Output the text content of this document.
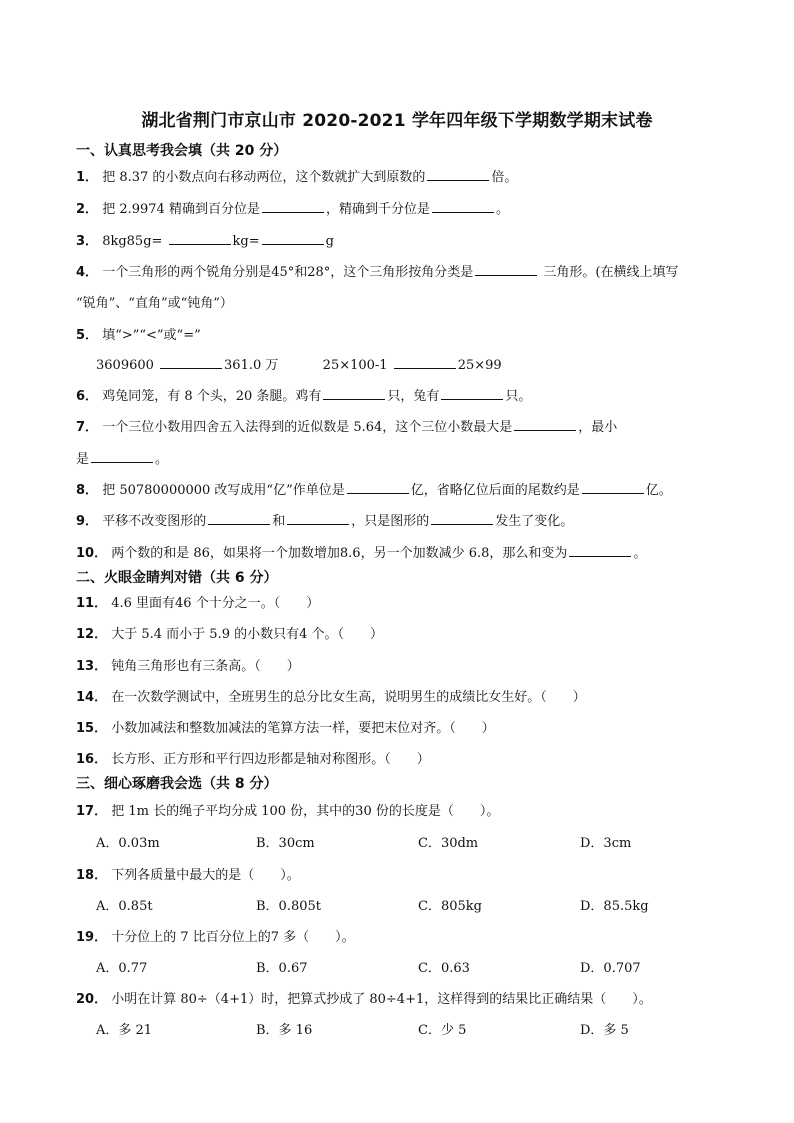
湖北省荆门市京山市 2020-2021 学年四年级下学期数学期末试卷
一、认真思考我会填（共 20 分）
1． 把 8.37 的小数点向右移动两位，这个数就扩大到原数的	倍。
2． 把 2.9974 精确到百分位是	，精确到千分位是	。
3． 8kg85g=	kg=	g
4． 一个三角形的两个锐角分别是45°和28°，这个三角形按角分类是	三角形。(在横线上填写
“锐角”、“直角”或“钝角”）
5． 填“>”“<”或“=”
3609600	361.0 万	25×100-1	25×99
6． 鸡兔同笼，有 8 个头，20 条腿。鸡有	只，兔有	只。
7． 一个三位小数用四舍五入法得到的近似数是 5.64，这个三位小数最大是	，最小
是	。
8． 把 50780000000 改写成用“亿”作单位是	亿，省略亿位后面的尾数约是	亿。
9． 平移不改变图形的	和	，只是图形的	发生了变化。
10． 两个数的和是 86，如果将一个加数增加8.6，另一个加数减少 6.8，那么和变为	。
二、火眼金睛判对错（共 6 分）
11． 4.6 里面有46 个十分之一。（　　）
12． 大于 5.4 而小于 5.9 的小数只有4 个。（　　）
13． 钝角三角形也有三条高。（　　）
14． 在一次数学测试中，全班男生的总分比女生高，说明男生的成绩比女生好。（　　）
15． 小数加减法和整数加减法的笔算方法一样，要把末位对齐。（　　）
16． 长方形、正方形和平行四边形都是轴对称图形。（　　）
三、细心琢磨我会选（共 8 分）
17． 把 1m 长的绳子平均分成 100 份，其中的30 份的长度是（　　）。
A．0.03m	B．30cm	C．30dm	D．3cm
18． 下列各质量中最大的是（　　）。
A．0.85t	B．0.805t	C．805kg	D．85.5kg
19． 十分位上的 7 比百分位上的7 多（　　）。
A．0.77	B．0.67	C．0.63	D．0.707
20． 小明在计算 80÷（4+1）时，把算式抄成了 80÷4+1，这样得到的结果比正确结果（　　）。
A．多 21	B．多 16	C．少 5	D．多 5
